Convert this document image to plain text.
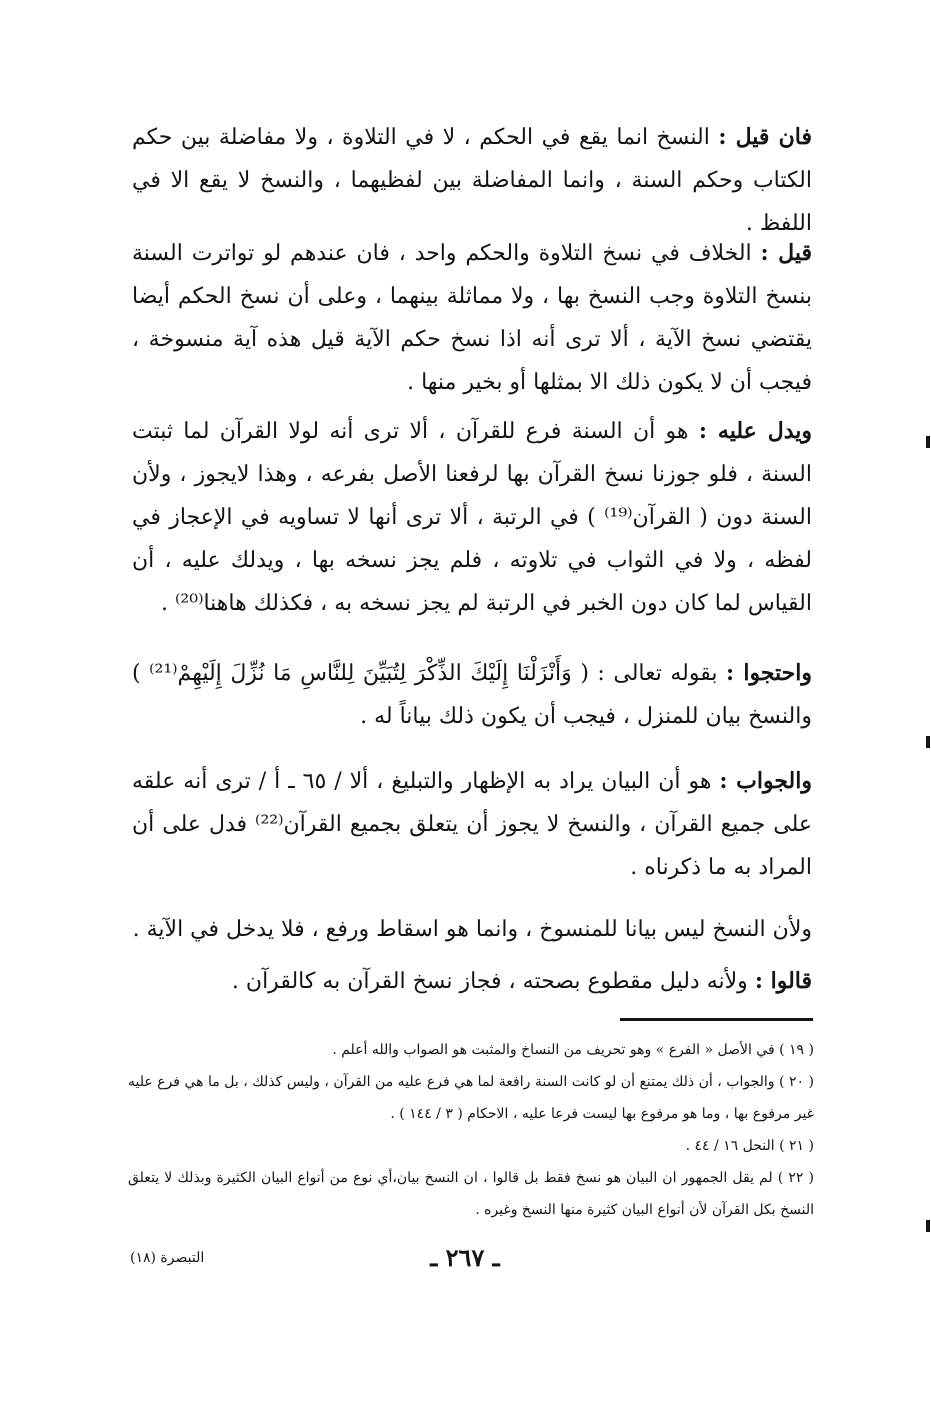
فان قيل : النسخ انما يقع في الحكم ، لا في التلاوة ، ولا مفاضلة بين حكم الكتاب وحكم السنة ، وانما المفاضلة بين لفظيهما ، والنسخ لا يقع الا في اللفظ .

قيل : الخلاف في نسخ التلاوة والحكم واحد ، فان عندهم لو تواترت السنة بنسخ التلاوة وجب النسخ بها ، ولا مماثلة بينهما ، وعلى أن نسخ الحكم أيضا يقتضي نسخ الآية ، ألا ترى أنه اذا نسخ حكم الآية قيل هذه آية منسوخة ، فيجب أن لا يكون ذلك الا بمثلها أو بخير منها .

ويدل عليه : هو أن السنة فرع للقرآن ، ألا ترى أنه لولا القرآن لما ثبتت السنة ، فلو جوزنا نسخ القرآن بها لرفعنا الأصل بفرعه ، وهذا لايجوز ، ولأن السنة دون ( القرآن⁽¹⁹⁾ ) في الرتبة ، ألا ترى أنها لا تساويه في الإعجاز في لفظه ، ولا في الثواب في تلاوته ، فلم يجز نسخه بها ، ويدلك عليه ، أن القياس لما كان دون الخبر في الرتبة لم يجز نسخه به ، فكذلك هاهنا⁽²⁰⁾ .

واحتجوا : بقوله تعالى : ( وَأَنْزَلْنَا إِلَيْكَ الذِّكْرَ لِتُبَيِّنَ لِلنَّاسِ مَا نُزِّلَ إِلَيْهِمْ⁽²¹⁾ ) والنسخ بيان للمنزل ، فيجب أن يكون ذلك بياناً له .

والجواب : هو أن البيان يراد به الإظهار والتبليغ ، ألا / ٦٥ ـ أ / ترى أنه علقه على جميع القرآن ، والنسخ لا يجوز أن يتعلق بجميع القرآن⁽²²⁾ فدل على أن المراد به ما ذكرناه .

ولأن النسخ ليس بيانا للمنسوخ ، وانما هو اسقاط ورفع ، فلا يدخل في الآية .

قالوا : ولأنه دليل مقطوع بصحته ، فجاز نسخ القرآن به كالقرآن .

( ١٩ ) في الأصل « الفرع » وهو تحريف من النساخ والمثبت هو الصواب والله أعلم .

( ٢٠ ) والجواب ، أن ذلك يمتنع أن لو كانت السنة رافعة لما هي فرع عليه من القرآن ، وليس كذلك ، بل ما هي فرع عليه غير مرفوع بها ، وما هو مرفوع بها ليست فرعا عليه ، الاحكام ( ٣ / ١٤٤ ) .

( ٢١ ) النحل ١٦ / ٤٤ .

( ٢٢ ) لم يقل الجمهور ان البيان هو نسخ فقط بل قالوا ، ان النسخ بيان،أي نوع من أنواع البيان الكثيرة وبذلك لا يتعلق النسخ بكل القرآن لأن أنواع البيان كثيرة منها النسخ وغيره .

ـ ٢٦٧ ـ
التبصرة (١٨)
